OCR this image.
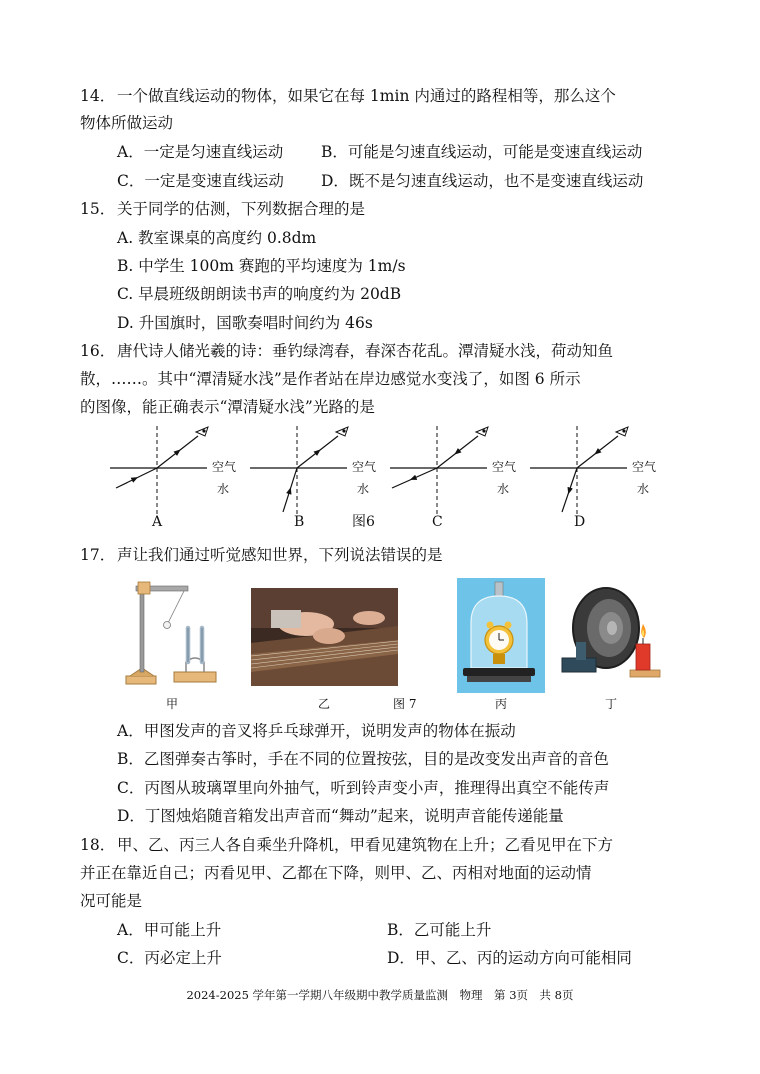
14． 一个做直线运动的物体，如果它在每 1min 内通过的路程相等，那么这个
物体所做运动
A．一定是匀速直线运动 B．可能是匀速直线运动，可能是变速直线运动
C．一定是变速直线运动 D．既不是匀速直线运动，也不是变速直线运动
15． 关于同学的估测，下列数据合理的是
A. 教室课桌的高度约 0.8dm
B. 中学生 100m 赛跑的平均速度为 1m/s
C. 早晨班级朗朗读书声的响度约为 20dB
D. 升国旗时，国歌奏唱时间约为 46s
16． 唐代诗人储光羲的诗：垂钓绿湾春，春深杏花乱。潭清疑水浅，荷动知鱼
散，……。其中“潭清疑水浅”是作者站在岸边感觉水变浅了，如图 6 所示
的图像，能正确表示“潭清疑水浅”光路的是
空气
水
空气
水
空气
水
空气
水
A	B	图6	C	D
17． 声让我们通过听觉感知世界，下列说法错误的是
甲	乙	图 7	丙	丁
A．甲图发声的音叉将乒乓球弹开，说明发声的物体在振动
B．乙图弹奏古筝时，手在不同的位置按弦，目的是改变发出声音的音色
C．丙图从玻璃罩里向外抽气，听到铃声变小声，推理得出真空不能传声
D．丁图烛焰随音箱发出声音而“舞动”起来，说明声音能传递能量
18． 甲、乙、丙三人各自乘坐升降机，甲看见建筑物在上升；乙看见甲在下方
并正在靠近自己；丙看见甲、乙都在下降，则甲、乙、丙相对地面的运动情
况可能是
A．甲可能上升	B．乙可能上升
C．丙必定上升	D．甲、乙、丙的运动方向可能相同
2024-2025 学年第一学期八年级期中教学质量监测　物理　第 3页　共 8页
